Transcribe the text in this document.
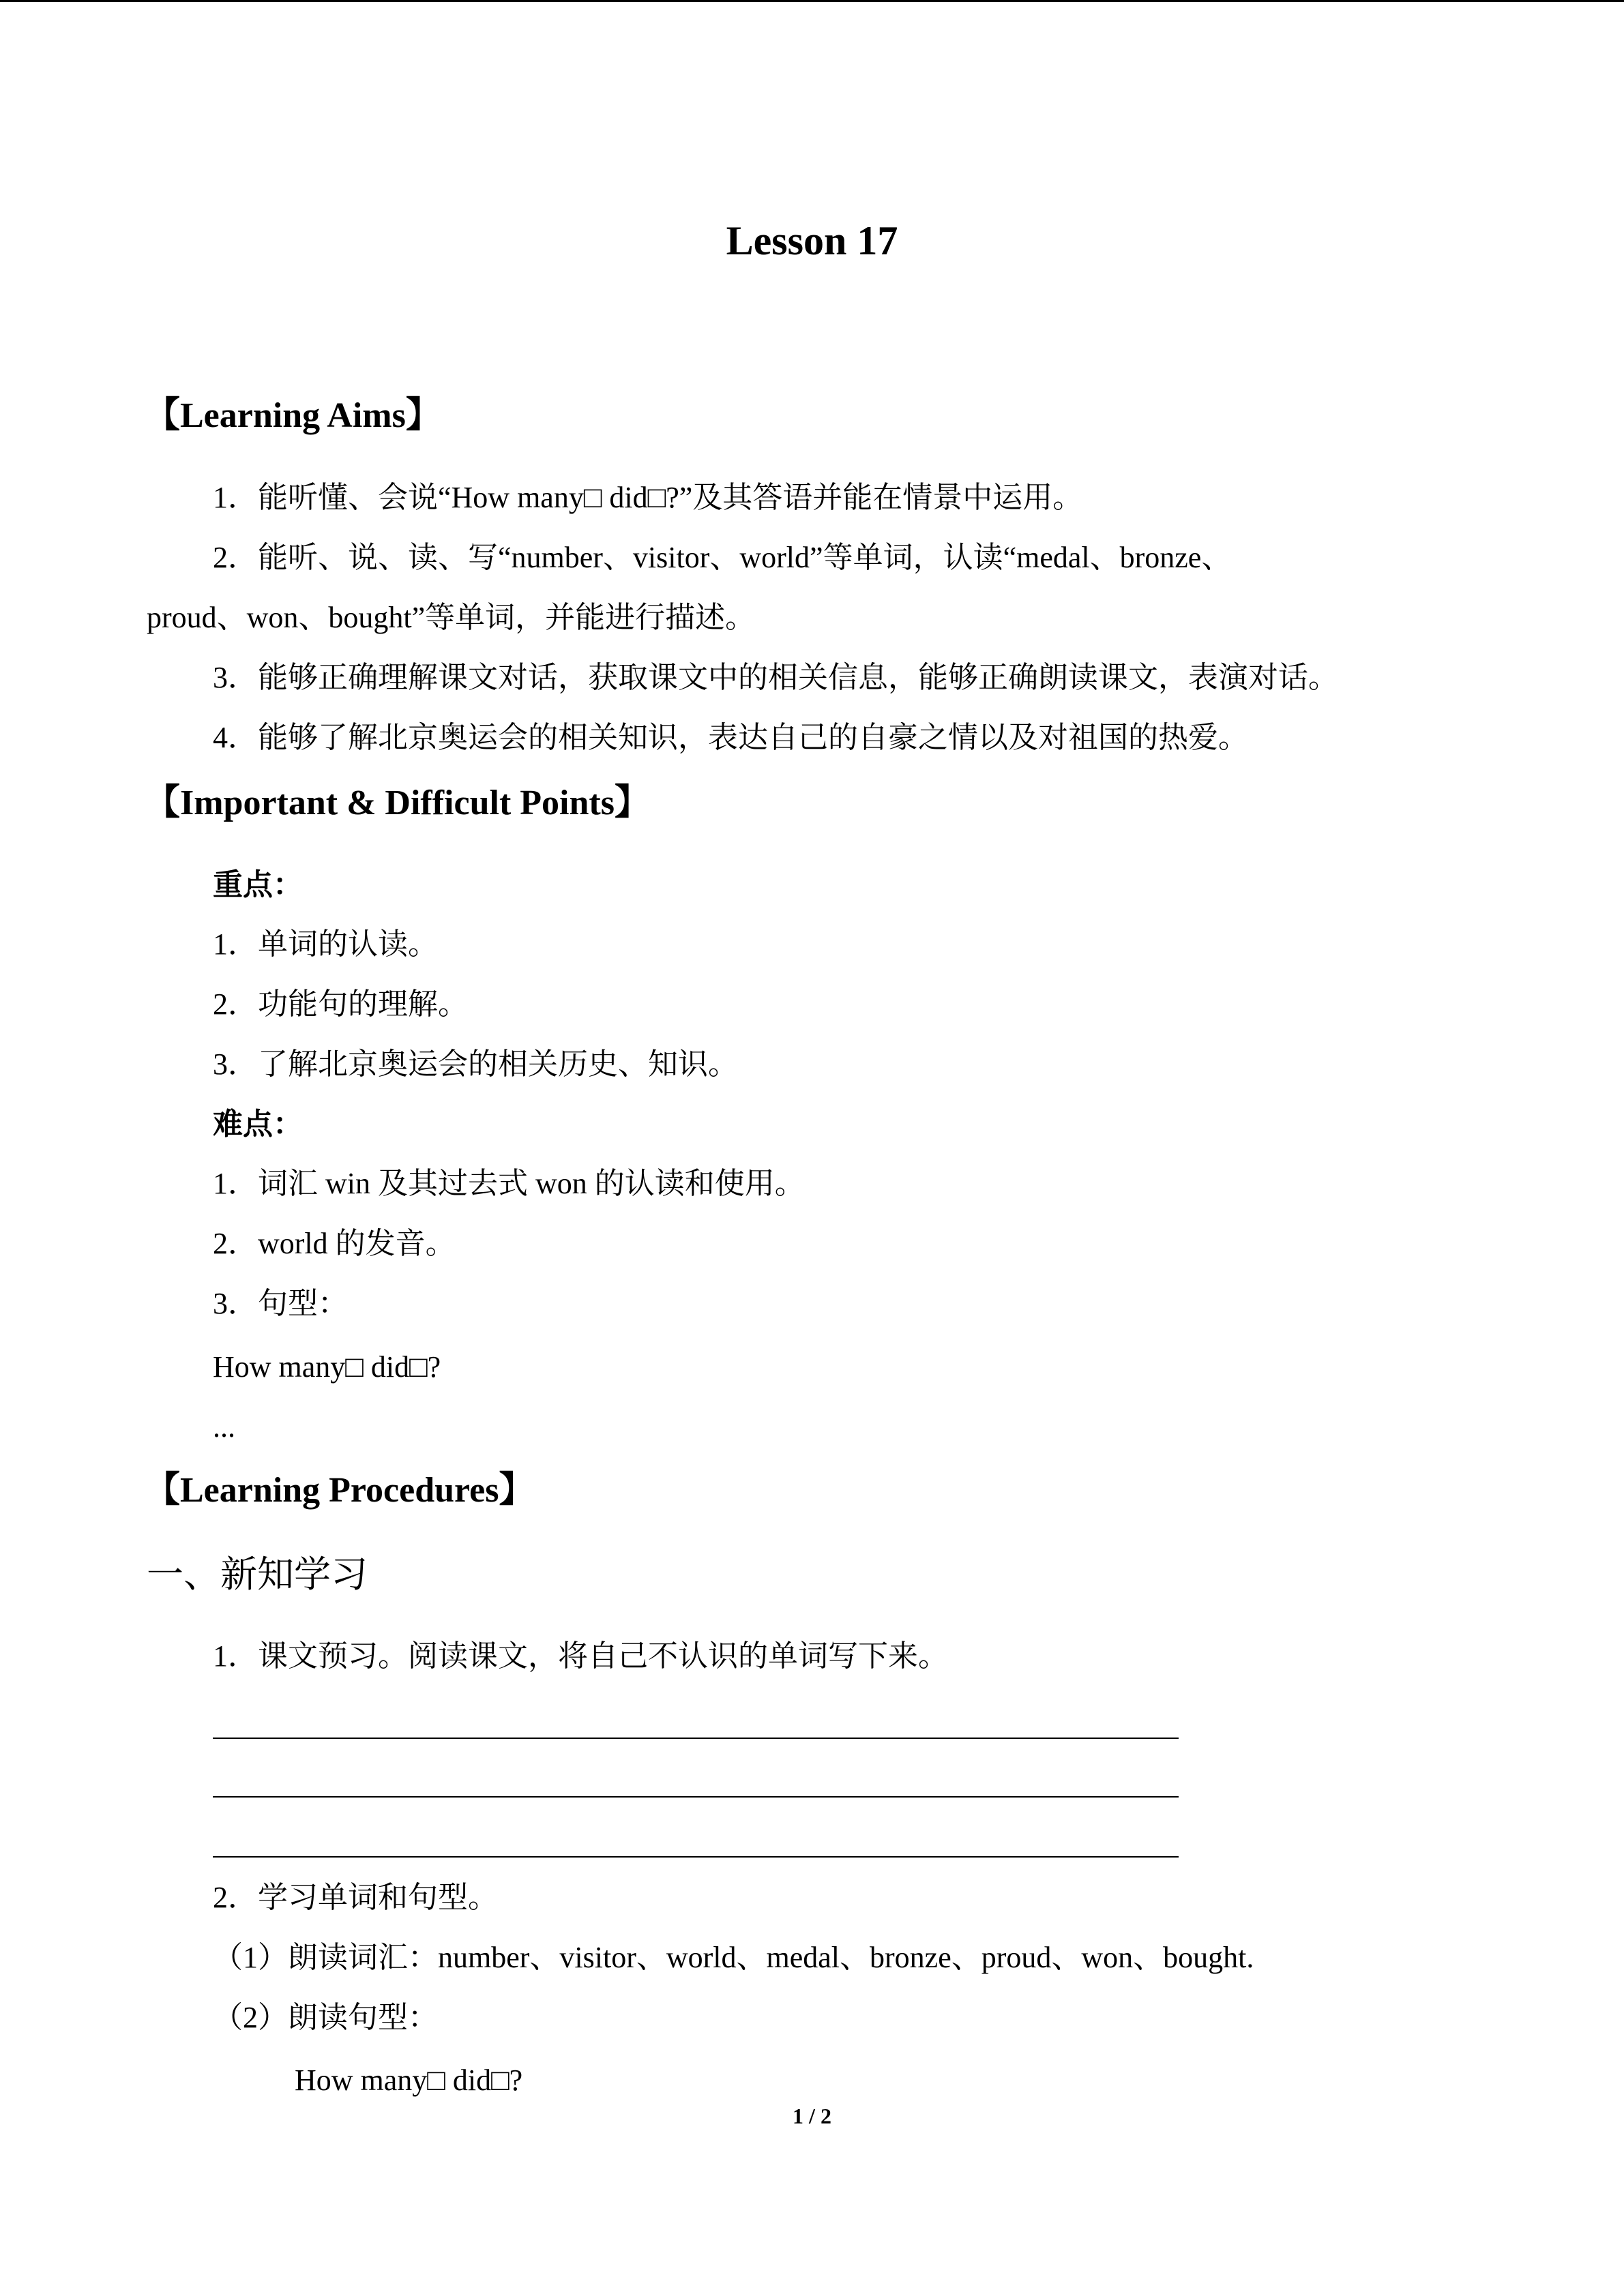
Lesson 17
【Learning Aims】
1．能听懂、会说“How many□ did□?”及其答语并能在情景中运用。
2．能听、说、读、写“number、visitor、world”等单词，认读“medal、bronze、
proud、won、bought”等单词，并能进行描述。
3．能够正确理解课文对话，获取课文中的相关信息，能够正确朗读课文，表演对话。
4．能够了解北京奥运会的相关知识，表达自己的自豪之情以及对祖国的热爱。
【Important & Difficult Points】
重点：
1．单词的认读。
2．功能句的理解。
3．了解北京奥运会的相关历史、知识。
难点：
1．词汇 win 及其过去式 won 的认读和使用。
2．world 的发音。
3．句型：
How many□ did□?
...
【Learning Procedures】
一、新知学习
1．课文预习。阅读课文，将自己不认识的单词写下来。
2．学习单词和句型。
（1）朗读词汇：number、visitor、world、medal、bronze、proud、won、bought.
（2）朗读句型：
How many□ did□?
1 / 2
